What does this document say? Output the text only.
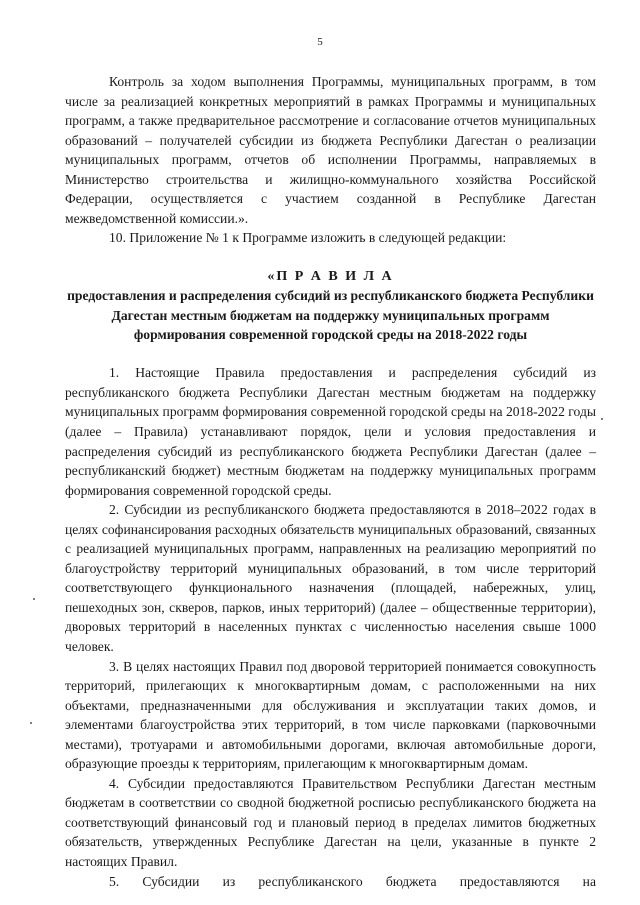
5

Контроль за ходом выполнения Программы, муниципальных программ, в том числе за реализацией конкретных мероприятий в рамках Программы и муниципальных программ, а также предварительное рассмотрение и согласование отчетов муниципальных образований – получателей субсидии из бюджета Республики Дагестан о реализации муниципальных программ, отчетов об исполнении Программы, направляемых в Министерство строительства и жилищно-коммунального хозяйства Российской Федерации, осуществляется с участием созданной в Республике Дагестан межведомственной комиссии.».

10. Приложение № 1 к Программе изложить в следующей редакции:

«П Р А В И Л А

предоставления и распределения субсидий из республиканского бюджета Республики Дагестан местным бюджетам на поддержку муниципальных программ формирования современной городской среды на 2018-2022 годы

1. Настоящие Правила предоставления и распределения субсидий из республиканского бюджета Республики Дагестан местным бюджетам на поддержку муниципальных программ формирования современной городской среды на 2018-2022 годы (далее – Правила) устанавливают порядок, цели и условия предоставления и распределения субсидий из республиканского бюджета Республики Дагестан (далее – республиканский бюджет) местным бюджетам на поддержку муниципальных программ формирования современной городской среды.

2. Субсидии из республиканского бюджета предоставляются в 2018–2022 годах в целях софинансирования расходных обязательств муниципальных образований, связанных с реализацией муниципальных программ, направленных на реализацию мероприятий по благоустройству территорий муниципальных образований, в том числе территорий соответствующего функционального назначения (площадей, набережных, улиц, пешеходных зон, скверов, парков, иных территорий) (далее – общественные территории), дворовых территорий в населенных пунктах с численностью населения свыше 1000 человек.

3. В целях настоящих Правил под дворовой территорией понимается совокупность территорий, прилегающих к многоквартирным домам, с расположенными на них объектами, предназначенными для обслуживания и эксплуатации таких домов, и элементами благоустройства этих территорий, в том числе парковками (парковочными местами), тротуарами и автомобильными дорогами, включая автомобильные дороги, образующие проезды к территориям, прилегающим к многоквартирным домам.

4. Субсидии предоставляются Правительством Республики Дагестан местным бюджетам в соответствии со сводной бюджетной росписью республиканского бюджета на соответствующий финансовый год и плановый период в пределах лимитов бюджетных обязательств, утвержденных Республике Дагестан на цели, указанные в пункте 2 настоящих Правил.

5. Субсидии из республиканского бюджета предоставляются на
